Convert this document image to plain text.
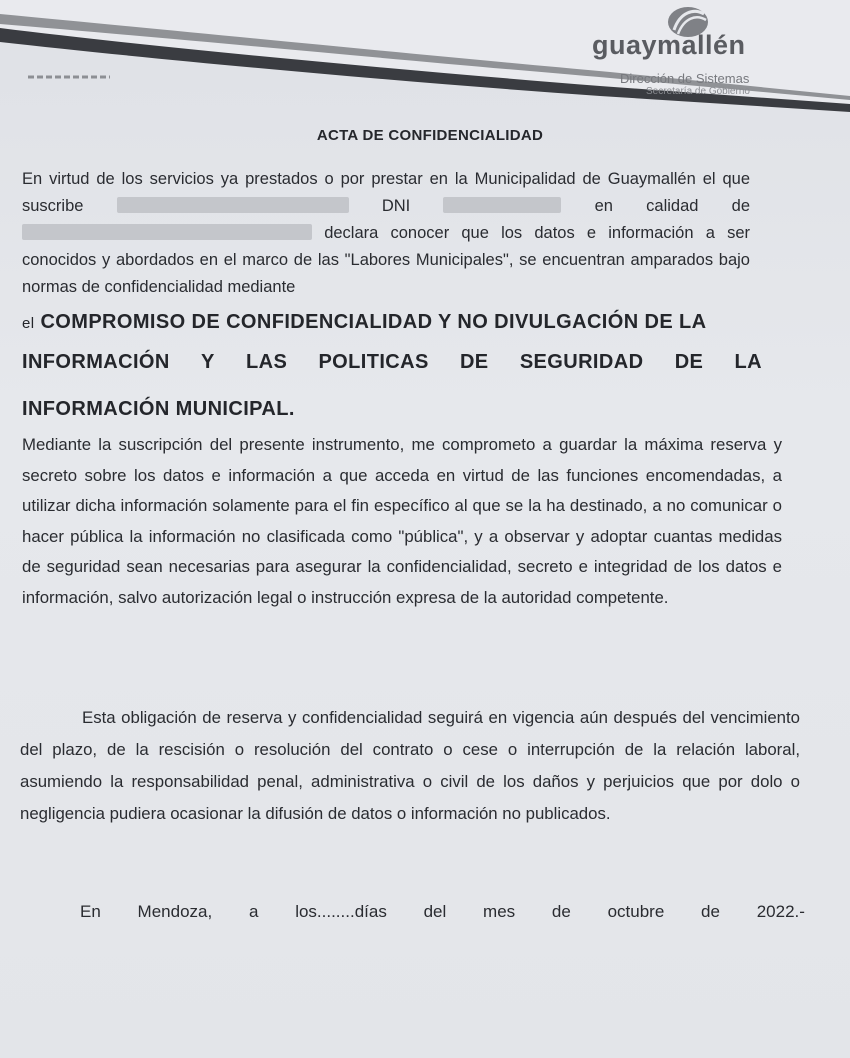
guaymallén
Dirección de Sistemas
Secretaría de Gobierno
ACTA DE CONFIDENCIALIDAD
En virtud de los servicios ya prestados o por prestar en la Municipalidad de Guaymallén el que suscribe	DNI	en calidad de  declara conocer que los datos e información a ser conocidos y abordados en el marco de las "Labores Municipales", se encuentran amparados bajo normas de confidencialidad mediante
el COMPROMISO DE CONFIDENCIALIDAD Y NO DIVULGACIÓN DE LA
INFORMACIÓN Y LAS POLITICAS DE SEGURIDAD DE LA
INFORMACIÓN MUNICIPAL.
Mediante la suscripción del presente instrumento, me comprometo a guardar la máxima reserva y secreto sobre los datos e información a que acceda en virtud de las funciones encomendadas, a utilizar dicha información solamente para el fin específico al que se la ha destinado, a no comunicar o hacer pública la información no clasificada como "pública", y a observar y adoptar cuantas medidas de seguridad sean necesarias para asegurar la confidencialidad, secreto e integridad de los datos e información, salvo autorización legal o instrucción expresa de la autoridad competente.
Esta obligación de reserva y confidencialidad seguirá en vigencia aún después del vencimiento del plazo, de la rescisión o resolución del contrato o cese o interrupción de la relación laboral, asumiendo la responsabilidad penal, administrativa o civil de los daños y perjuicios que por dolo o negligencia pudiera ocasionar la difusión de datos o información no publicados.
En Mendoza, a los........días del mes de octubre de 2022.-
